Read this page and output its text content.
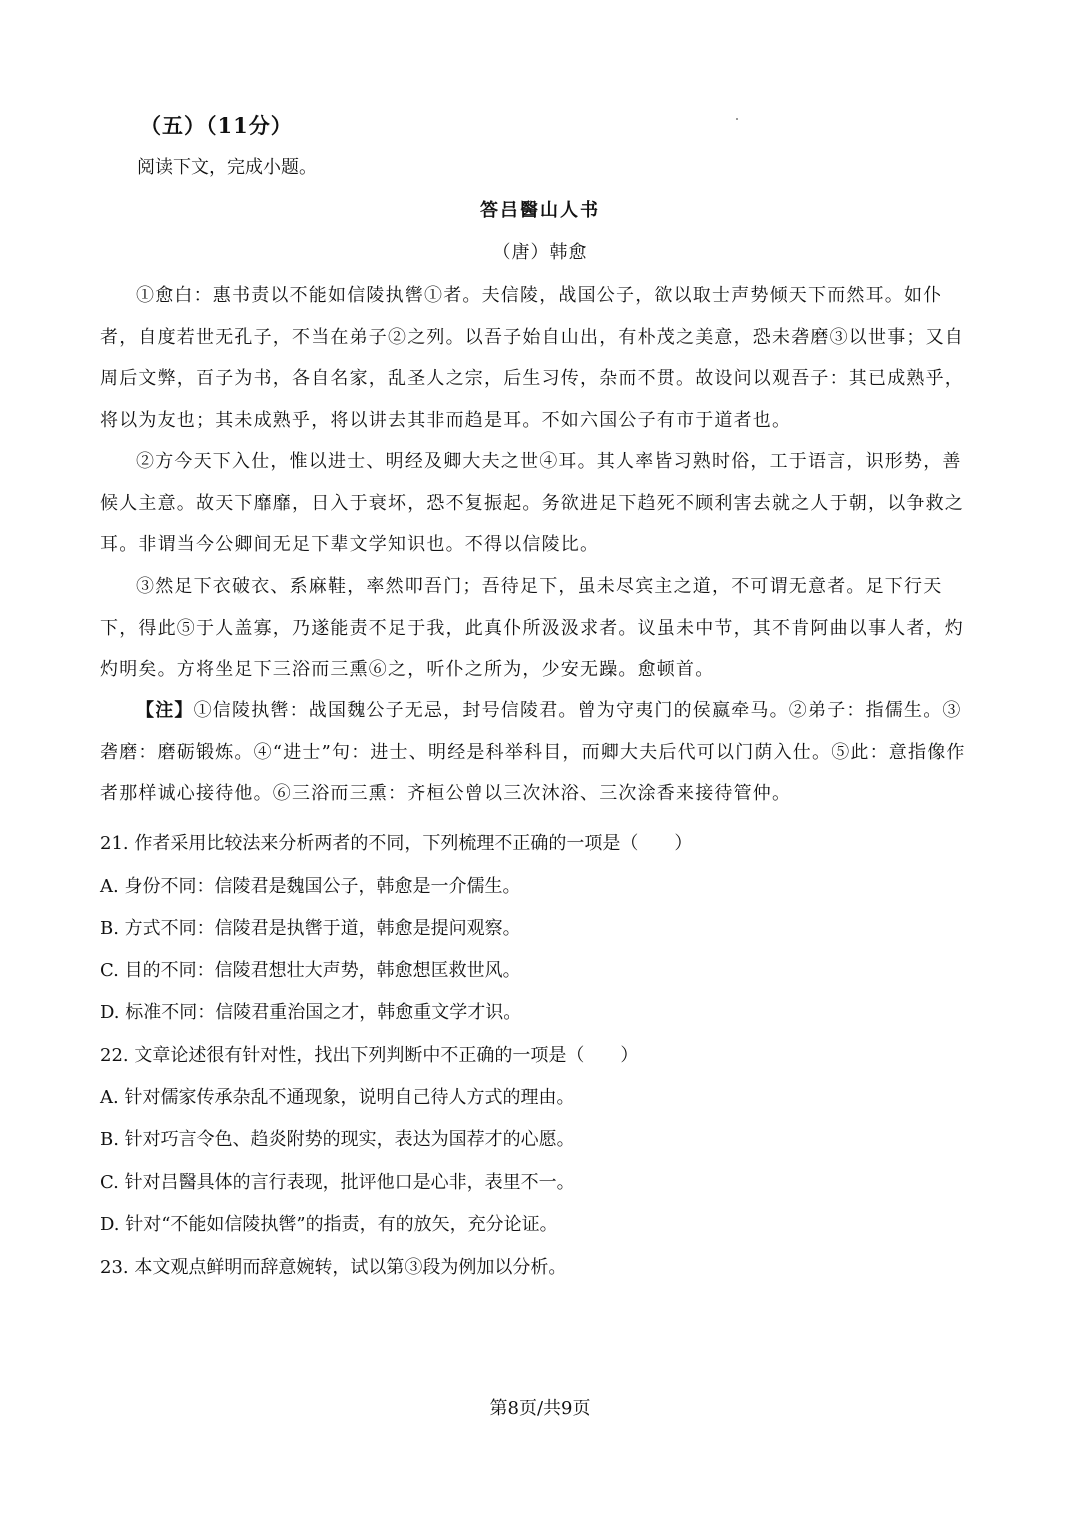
（五）（11分）
阅读下文，完成小题。
答吕醫山人书
（唐）韩愈

①愈白：惠书责以不能如信陵执辔①者。夫信陵，战国公子，欲以取士声势倾天下而然耳。如仆者，自度若世无孔子，不当在弟子②之列。以吾子始自山出，有朴茂之美意，恐未砻磨③以世事；又自周后文弊，百子为书，各自名家，乱圣人之宗，后生习传，杂而不贯。故设问以观吾子：其已成熟乎，将以为友也；其未成熟乎，将以讲去其非而趋是耳。不如六国公子有市于道者也。

②方今天下入仕，惟以进士、明经及卿大夫之世④耳。其人率皆习熟时俗，工于语言，识形势，善候人主意。故天下靡靡，日入于衰坏，恐不复振起。务欲进足下趋死不顾利害去就之人于朝，以争救之耳。非谓当今公卿间无足下辈文学知识也。不得以信陵比。

③然足下衣破衣、系麻鞋，率然叩吾门；吾待足下，虽未尽宾主之道，不可谓无意者。足下行天下，得此⑤于人盖寡，乃遂能责不足于我，此真仆所汲汲求者。议虽未中节，其不肯阿曲以事人者，灼灼明矣。方将坐足下三浴而三熏⑥之，听仆之所为，少安无躁。愈顿首。

【注】①信陵执辔：战国魏公子无忌，封号信陵君。曾为守夷门的侯嬴牵马。②弟子：指儒生。③砻磨：磨砺锻炼。④“进士”句：进士、明经是科举科目，而卿大夫后代可以门荫入仕。⑤此：意指像作者那样诚心接待他。⑥三浴而三熏：齐桓公曾以三次沐浴、三次涂香来接待管仲。

21. 作者采用比较法来分析两者的不同，下列梳理不正确的一项是（　　）
A. 身份不同：信陵君是魏国公子，韩愈是一介儒生。
B. 方式不同：信陵君是执辔于道，韩愈是提问观察。
C. 目的不同：信陵君想壮大声势，韩愈想匡救世风。
D. 标准不同：信陵君重治国之才，韩愈重文学才识。
22. 文章论述很有针对性，找出下列判断中不正确的一项是（　　）
A. 针对儒家传承杂乱不通现象，说明自己待人方式的理由。
B. 针对巧言令色、趋炎附势的现实，表达为国荐才的心愿。
C. 针对吕醫具体的言行表现，批评他口是心非，表里不一。
D. 针对“不能如信陵执辔”的指责，有的放矢，充分论证。
23. 本文观点鲜明而辞意婉转，试以第③段为例加以分析。
第8页/共9页
